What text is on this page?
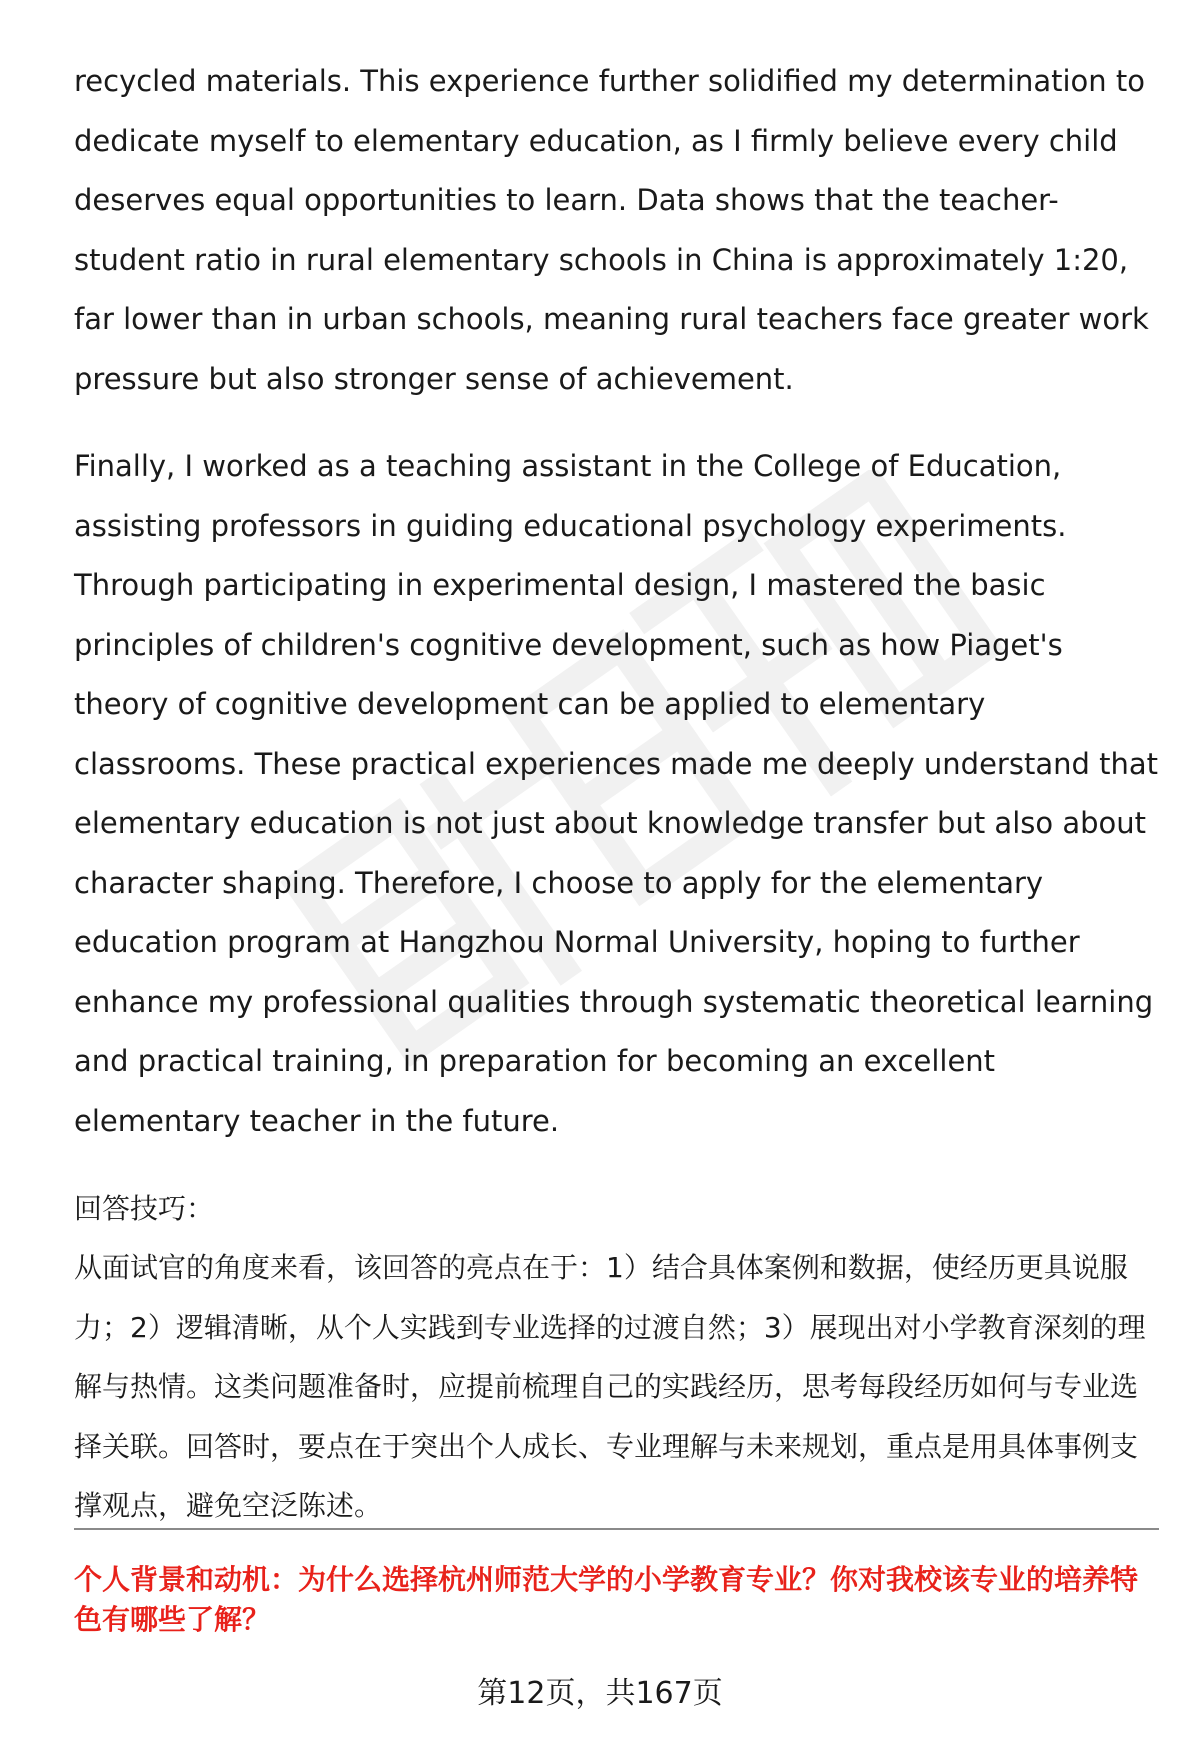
recycled materials. This experience further solidified my determination to dedicate myself to elementary education, as I firmly believe every child deserves equal opportunities to learn. Data shows that the teacher-student ratio in rural elementary schools in China is approximately 1:20, far lower than in urban schools, meaning rural teachers face greater work pressure but also stronger sense of achievement.

Finally, I worked as a teaching assistant in the College of Education, assisting professors in guiding educational psychology experiments. Through participating in experimental design, I mastered the basic principles of children's cognitive development, such as how Piaget's theory of cognitive development can be applied to elementary classrooms. These practical experiences made me deeply understand that elementary education is not just about knowledge transfer but also about character shaping. Therefore, I choose to apply for the elementary education program at Hangzhou Normal University, hoping to further enhance my professional qualities through systematic theoretical learning and practical training, in preparation for becoming an excellent elementary teacher in the future.

回答技巧：

从面试官的角度来看，该回答的亮点在于：1）结合具体案例和数据，使经历更具说服力；2）逻辑清晰，从个人实践到专业选择的过渡自然；3）展现出对小学教育深刻的理解与热情。这类问题准备时，应提前梳理自己的实践经历，思考每段经历如何与专业选择关联。回答时，要点在于突出个人成长、专业理解与未来规划，重点是用具体事例支撑观点，避免空泛陈述。

个人背景和动机：为什么选择杭州师范大学的小学教育专业？你对我校该专业的培养特色有哪些了解？
第12页，共167页
